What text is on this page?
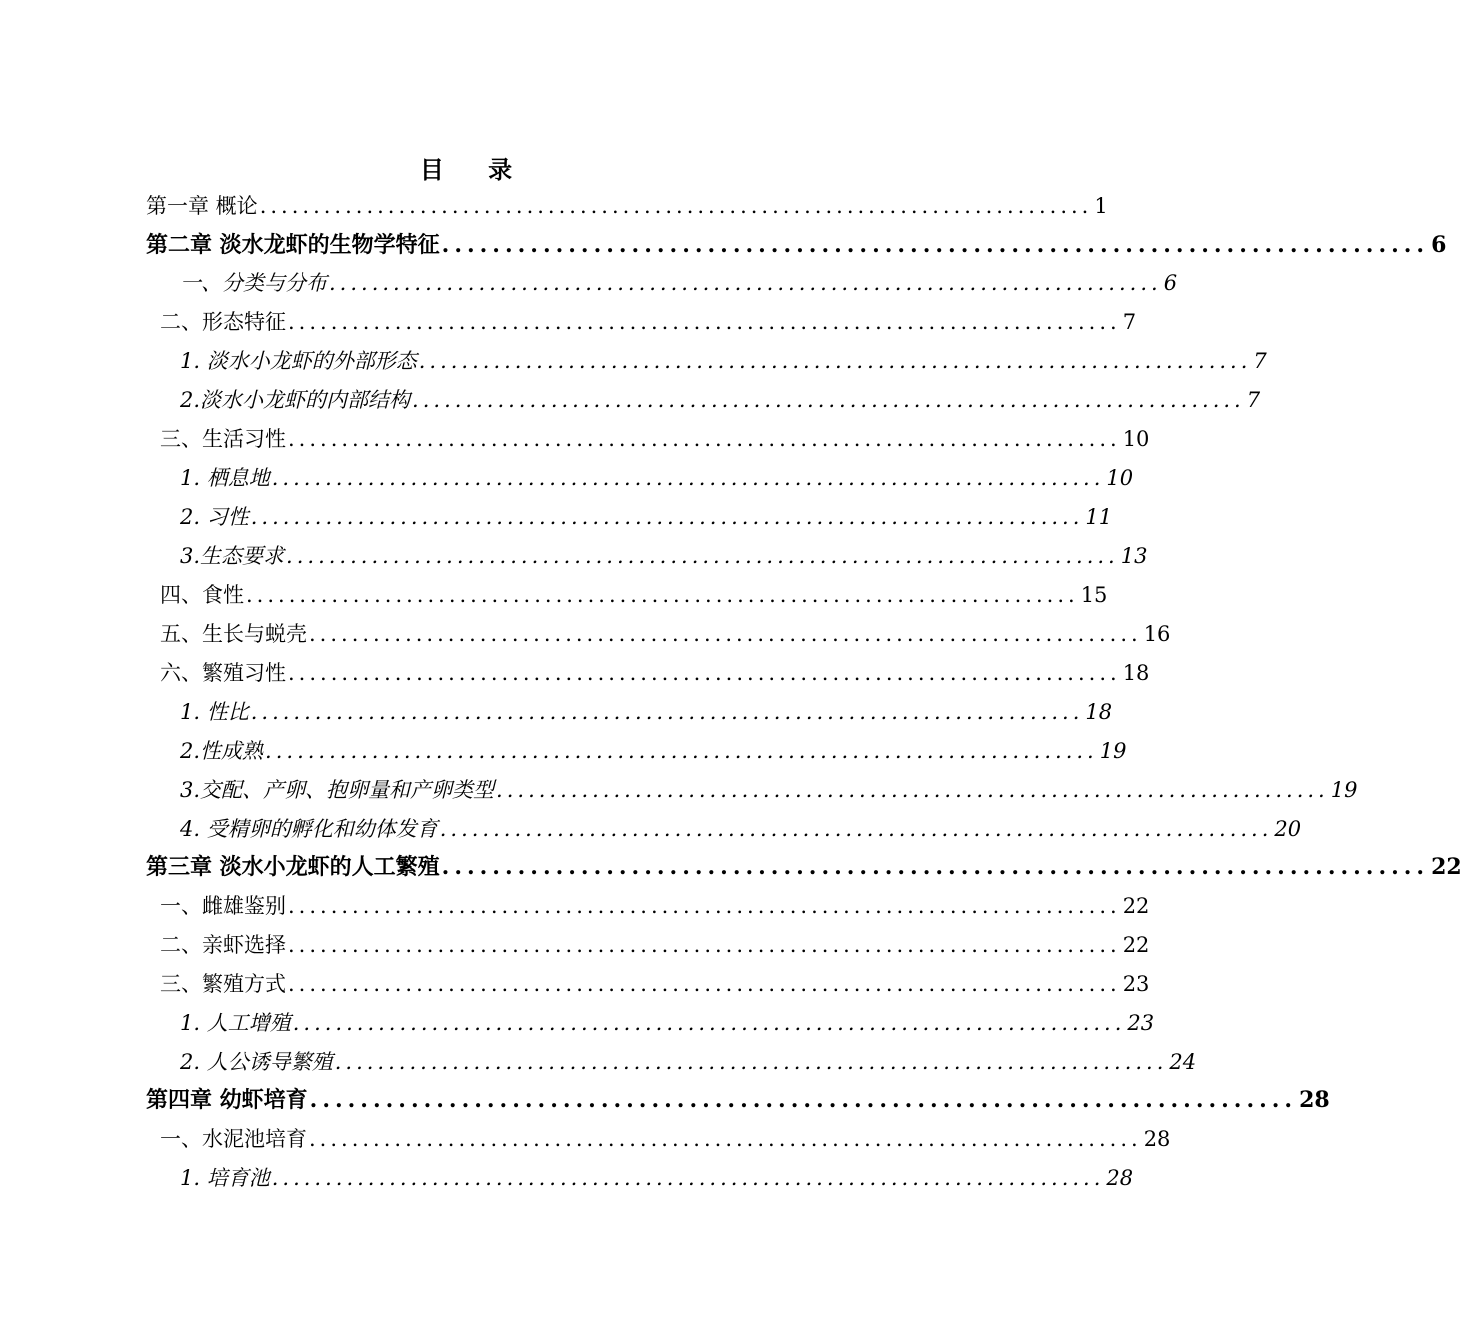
目 录
第一章 概论 .............................................................................. 1
第二章 淡水龙虾的生物学特征 .............................................................................. 6
一、分类与分布 .............................................................................. 6
二、形态特征 .............................................................................. 7
1. 淡水小龙虾的外部形态 .............................................................................. 7
2.淡水小龙虾的内部结构 .............................................................................. 7
三、生活习性 .............................................................................. 10
1. 栖息地 .............................................................................. 10
2. 习性 .............................................................................. 11
3.生态要求 .............................................................................. 13
四、食性 .............................................................................. 15
五、生长与蜕壳 .............................................................................. 16
六、繁殖习性 .............................................................................. 18
1. 性比 .............................................................................. 18
2.性成熟 .............................................................................. 19
3.交配、产卵、抱卵量和产卵类型 .............................................................................. 19
4. 受精卵的孵化和幼体发育 .............................................................................. 20
第三章 淡水小龙虾的人工繁殖 .............................................................................. 22
一、雌雄鉴别 .............................................................................. 22
二、亲虾选择 .............................................................................. 22
三、繁殖方式 .............................................................................. 23
1. 人工增殖 .............................................................................. 23
2. 人公诱导繁殖 .............................................................................. 24
第四章 幼虾培育 .............................................................................. 28
一、水泥池培育 .............................................................................. 28
1. 培育池 .............................................................................. 28
